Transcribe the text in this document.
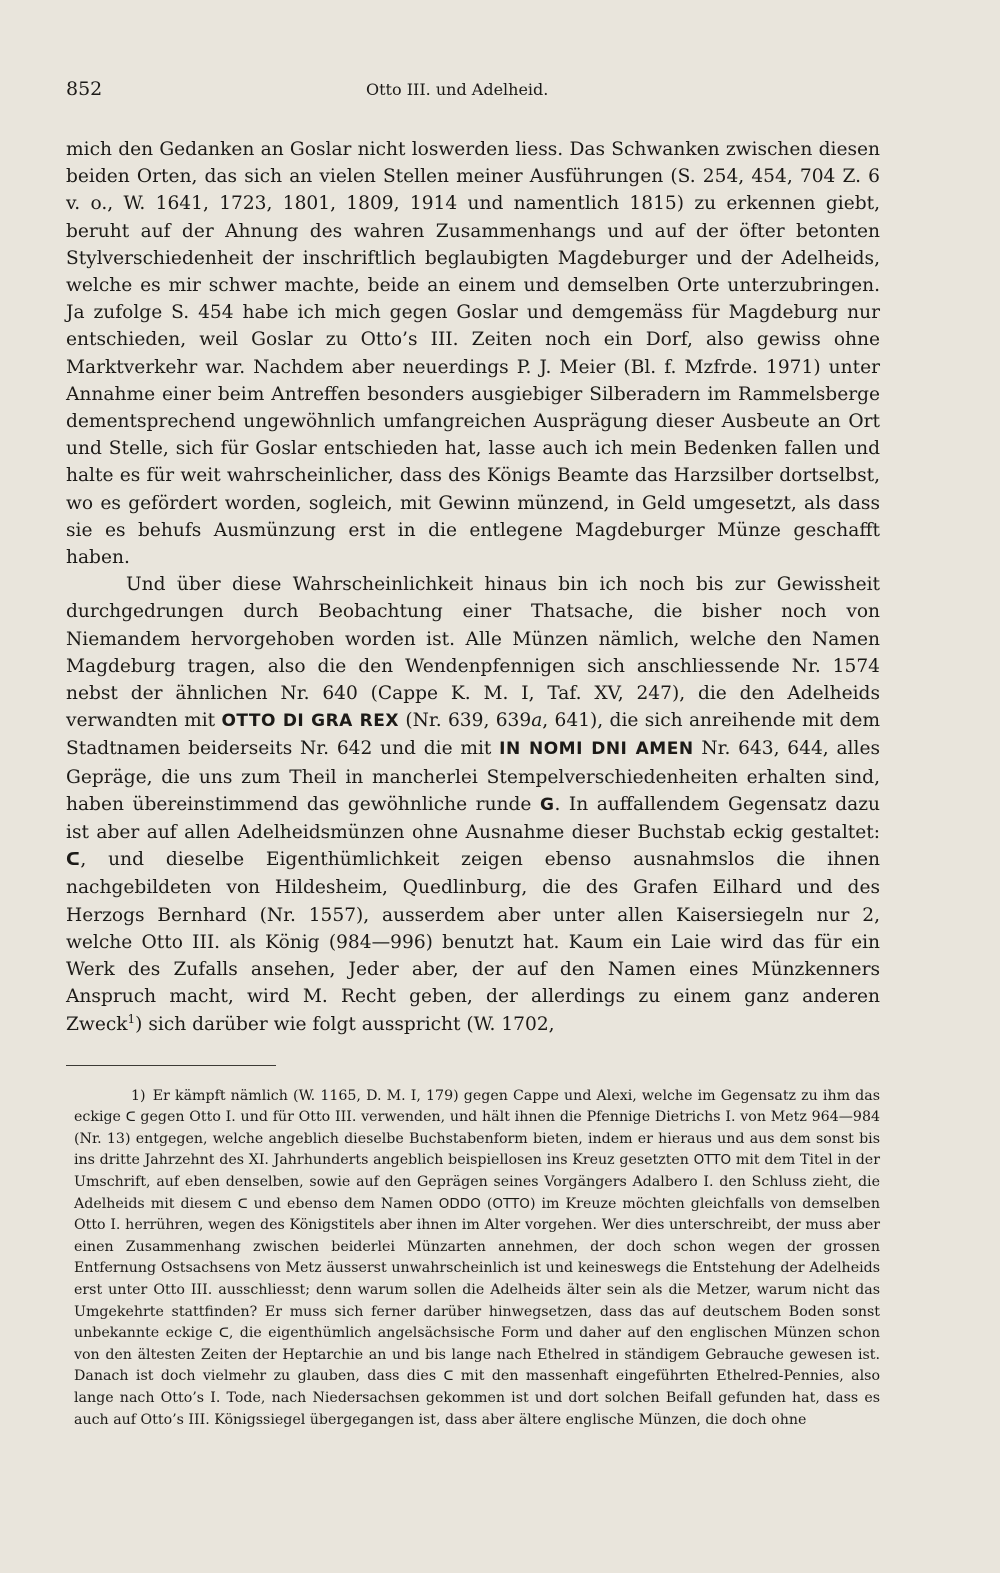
852	Otto III. und Adelheid.

mich den Gedanken an Goslar nicht loswerden liess. Das Schwanken zwischen diesen beiden Orten, das sich an vielen Stellen meiner Ausführungen (S. 254, 454, 704 Z. 6 v. o., W. 1641, 1723, 1801, 1809, 1914 und namentlich 1815) zu erkennen giebt, beruht auf der Ahnung des wahren Zusammenhangs und auf der öfter betonten Stylverschiedenheit der inschriftlich beglaubigten Magdeburger und der Adelheids, welche es mir schwer machte, beide an einem und demselben Orte unterzubringen. Ja zufolge S. 454 habe ich mich gegen Goslar und demgemäss für Magdeburg nur entschieden, weil Goslar zu Otto’s III. Zeiten noch ein Dorf, also gewiss ohne Marktverkehr war. Nachdem aber neuerdings P. J. Meier (Bl. f. Mzfrde. 1971) unter Annahme einer beim Antreffen besonders ausgiebiger Silberadern im Rammelsberge dementsprechend ungewöhnlich umfangreichen Ausprägung dieser Ausbeute an Ort und Stelle, sich für Goslar entschieden hat, lasse auch ich mein Bedenken fallen und halte es für weit wahrscheinlicher, dass des Königs Beamte das Harzsilber dortselbst, wo es gefördert worden, sogleich, mit Gewinn münzend, in Geld umgesetzt, als dass sie es behufs Ausmünzung erst in die entlegene Magdeburger Münze geschafft haben.

Und über diese Wahrscheinlichkeit hinaus bin ich noch bis zur Gewissheit durchgedrungen durch Beobachtung einer Thatsache, die bisher noch von Niemandem hervorgehoben worden ist. Alle Münzen nämlich, welche den Namen Magdeburg tragen, also die den Wendenpfennigen sich anschliessende Nr. 1574 nebst der ähnlichen Nr. 640 (Cappe K. M. I, Taf. XV, 247), die den Adelheids verwandten mit OTTO DI GRA REX (Nr. 639, 639a, 641), die sich anreihende mit dem Stadtnamen beiderseits Nr. 642 und die mit IN NOMI DNI AMEN Nr. 643, 644, alles Gepräge, die uns zum Theil in mancherlei Stempelverschiedenheiten erhalten sind, haben übereinstimmend das gewöhnliche runde G. In auffallendem Gegensatz dazu ist aber auf allen Adelheidsmünzen ohne Ausnahme dieser Buchstab eckig gestaltet: ᑕ, und dieselbe Eigenthümlichkeit zeigen ebenso ausnahmslos die ihnen nachgebildeten von Hildesheim, Quedlinburg, die des Grafen Eilhard und des Herzogs Bernhard (Nr. 1557), ausserdem aber unter allen Kaisersiegeln nur 2, welche Otto III. als König (984—996) benutzt hat. Kaum ein Laie wird das für ein Werk des Zufalls ansehen, Jeder aber, der auf den Namen eines Münzkenners Anspruch macht, wird M. Recht geben, der allerdings zu einem ganz anderen Zweck$^1$) sich darüber wie folgt ausspricht (W. 1702,

1) Er kämpft nämlich (W. 1165, D. M. I, 179) gegen Cappe und Alexi, welche im Gegensatz zu ihm das eckige ᑕ gegen Otto I. und für Otto III. verwenden, und hält ihnen die Pfennige Dietrichs I. von Metz 964—984 (Nr. 13) entgegen, welche angeblich dieselbe Buchstabenform bieten, indem er hieraus und aus dem sonst bis ins dritte Jahrzehnt des XI. Jahrhunderts angeblich beispiellosen ins Kreuz gesetzten OTTO mit dem Titel in der Umschrift, auf eben denselben, sowie auf den Geprägen seines Vorgängers Adalbero I. den Schluss zieht, die Adelheids mit diesem ᑕ und ebenso dem Namen ODDO (OTTO) im Kreuze möchten gleichfalls von demselben Otto I. herrühren, wegen des Königstitels aber ihnen im Alter vorgehen. Wer dies unterschreibt, der muss aber einen Zusammenhang zwischen beiderlei Münzarten annehmen, der doch schon wegen der grossen Entfernung Ostsachsens von Metz äusserst unwahrscheinlich ist und keineswegs die Entstehung der Adelheids erst unter Otto III. ausschliesst; denn warum sollen die Adelheids älter sein als die Metzer, warum nicht das Umgekehrte stattfinden? Er muss sich ferner darüber hinwegsetzen, dass das auf deutschem Boden sonst unbekannte eckige ᑕ, die eigenthümlich angelsächsische Form und daher auf den englischen Münzen schon von den ältesten Zeiten der Heptarchie an und bis lange nach Ethelred in ständigem Gebrauche gewesen ist. Danach ist doch vielmehr zu glauben, dass dies ᑕ mit den massenhaft eingeführten Ethelred-Pennies, also lange nach Otto’s I. Tode, nach Niedersachsen gekommen ist und dort solchen Beifall gefunden hat, dass es auch auf Otto’s III. Königssiegel übergegangen ist, dass aber ältere englische Münzen, die doch ohne
